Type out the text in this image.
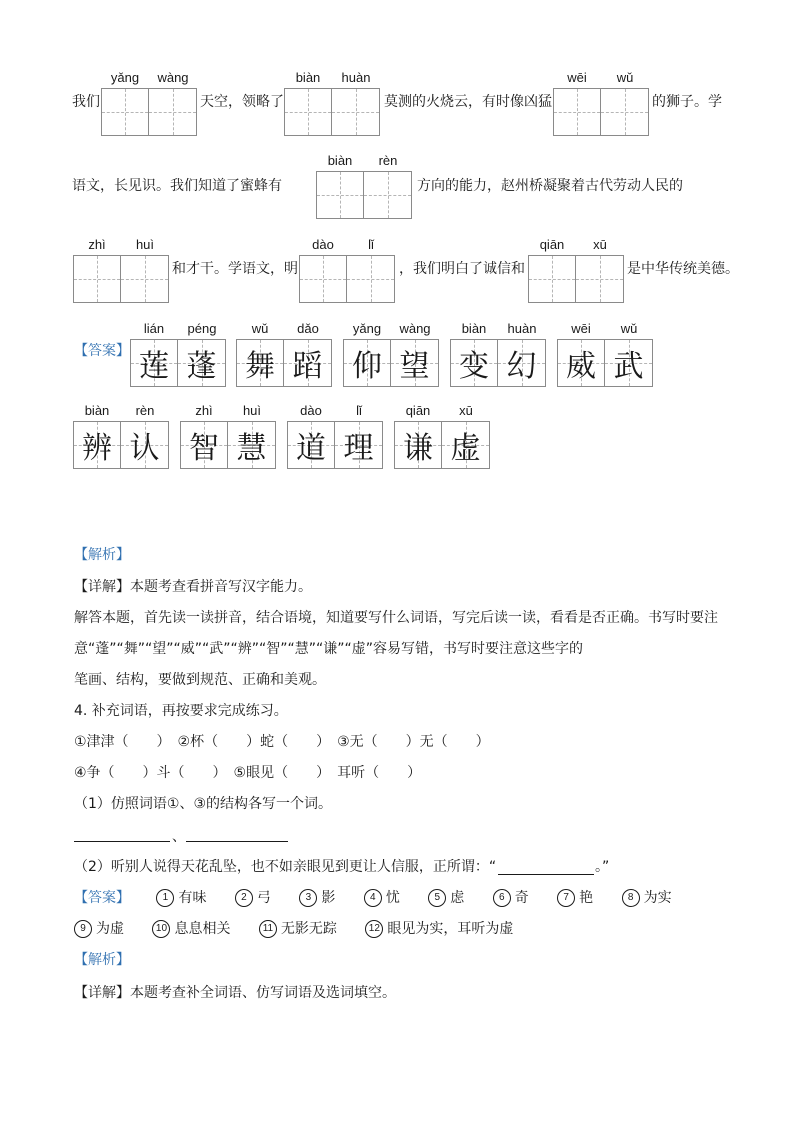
我们
yǎng	wàng
天空，领略了
biàn	huàn
莫测的火烧云，有时像凶猛
wēi	wǔ
的狮子。学
语文，长见识。我们知道了蜜蜂有
biàn	rèn
方向的能力，赵州桥凝聚着古代劳动人民的
zhì	huì
和才干。学语文，明
dào	lǐ
，我们明白了诚信和
qiān	xū
是中华传统美德。
【答案】
lián	péng
莲 蓬
wǔ	dǎo
舞 蹈
yǎng	wàng
仰 望
biàn	huàn
变 幻
wēi	wǔ
威 武
biàn	rèn
辨 认
zhì	huì
智 慧
dào	lǐ
道 理
qiān	xū
谦 虚
【解析】
【详解】本题考查看拼音写汉字能力。
解答本题，首先读一读拼音，结合语境，知道要写什么词语，写完后读一读，看看是否正确。书写时要注
意“蓬”“舞”“望”“威”“武”“辨”“智”“慧”“谦”“虚”容易写错，书写时要注意这些字的
笔画、结构，要做到规范、正确和美观。
4. 补充词语，再按要求完成练习。
①津津（　　）　②杯（　　）蛇（　　）　③无（　　）无（　　）
④争（　　）斗（　　）　⑤眼见（　　）　耳听（　　）
（1）仿照词语①、③的结构各写一个词。
、
（2）听别人说得天花乱坠，也不如亲眼见到更让人信服，正所谓：“	。”
【答案】	1 有味	2 弓	3 影	4 忧	5 虑	6 奇	7 艳	8 为实
9 为虚	10 息息相关	11 无影无踪	12 眼见为实，耳听为虚
【解析】
【详解】本题考查补全词语、仿写词语及选词填空。
